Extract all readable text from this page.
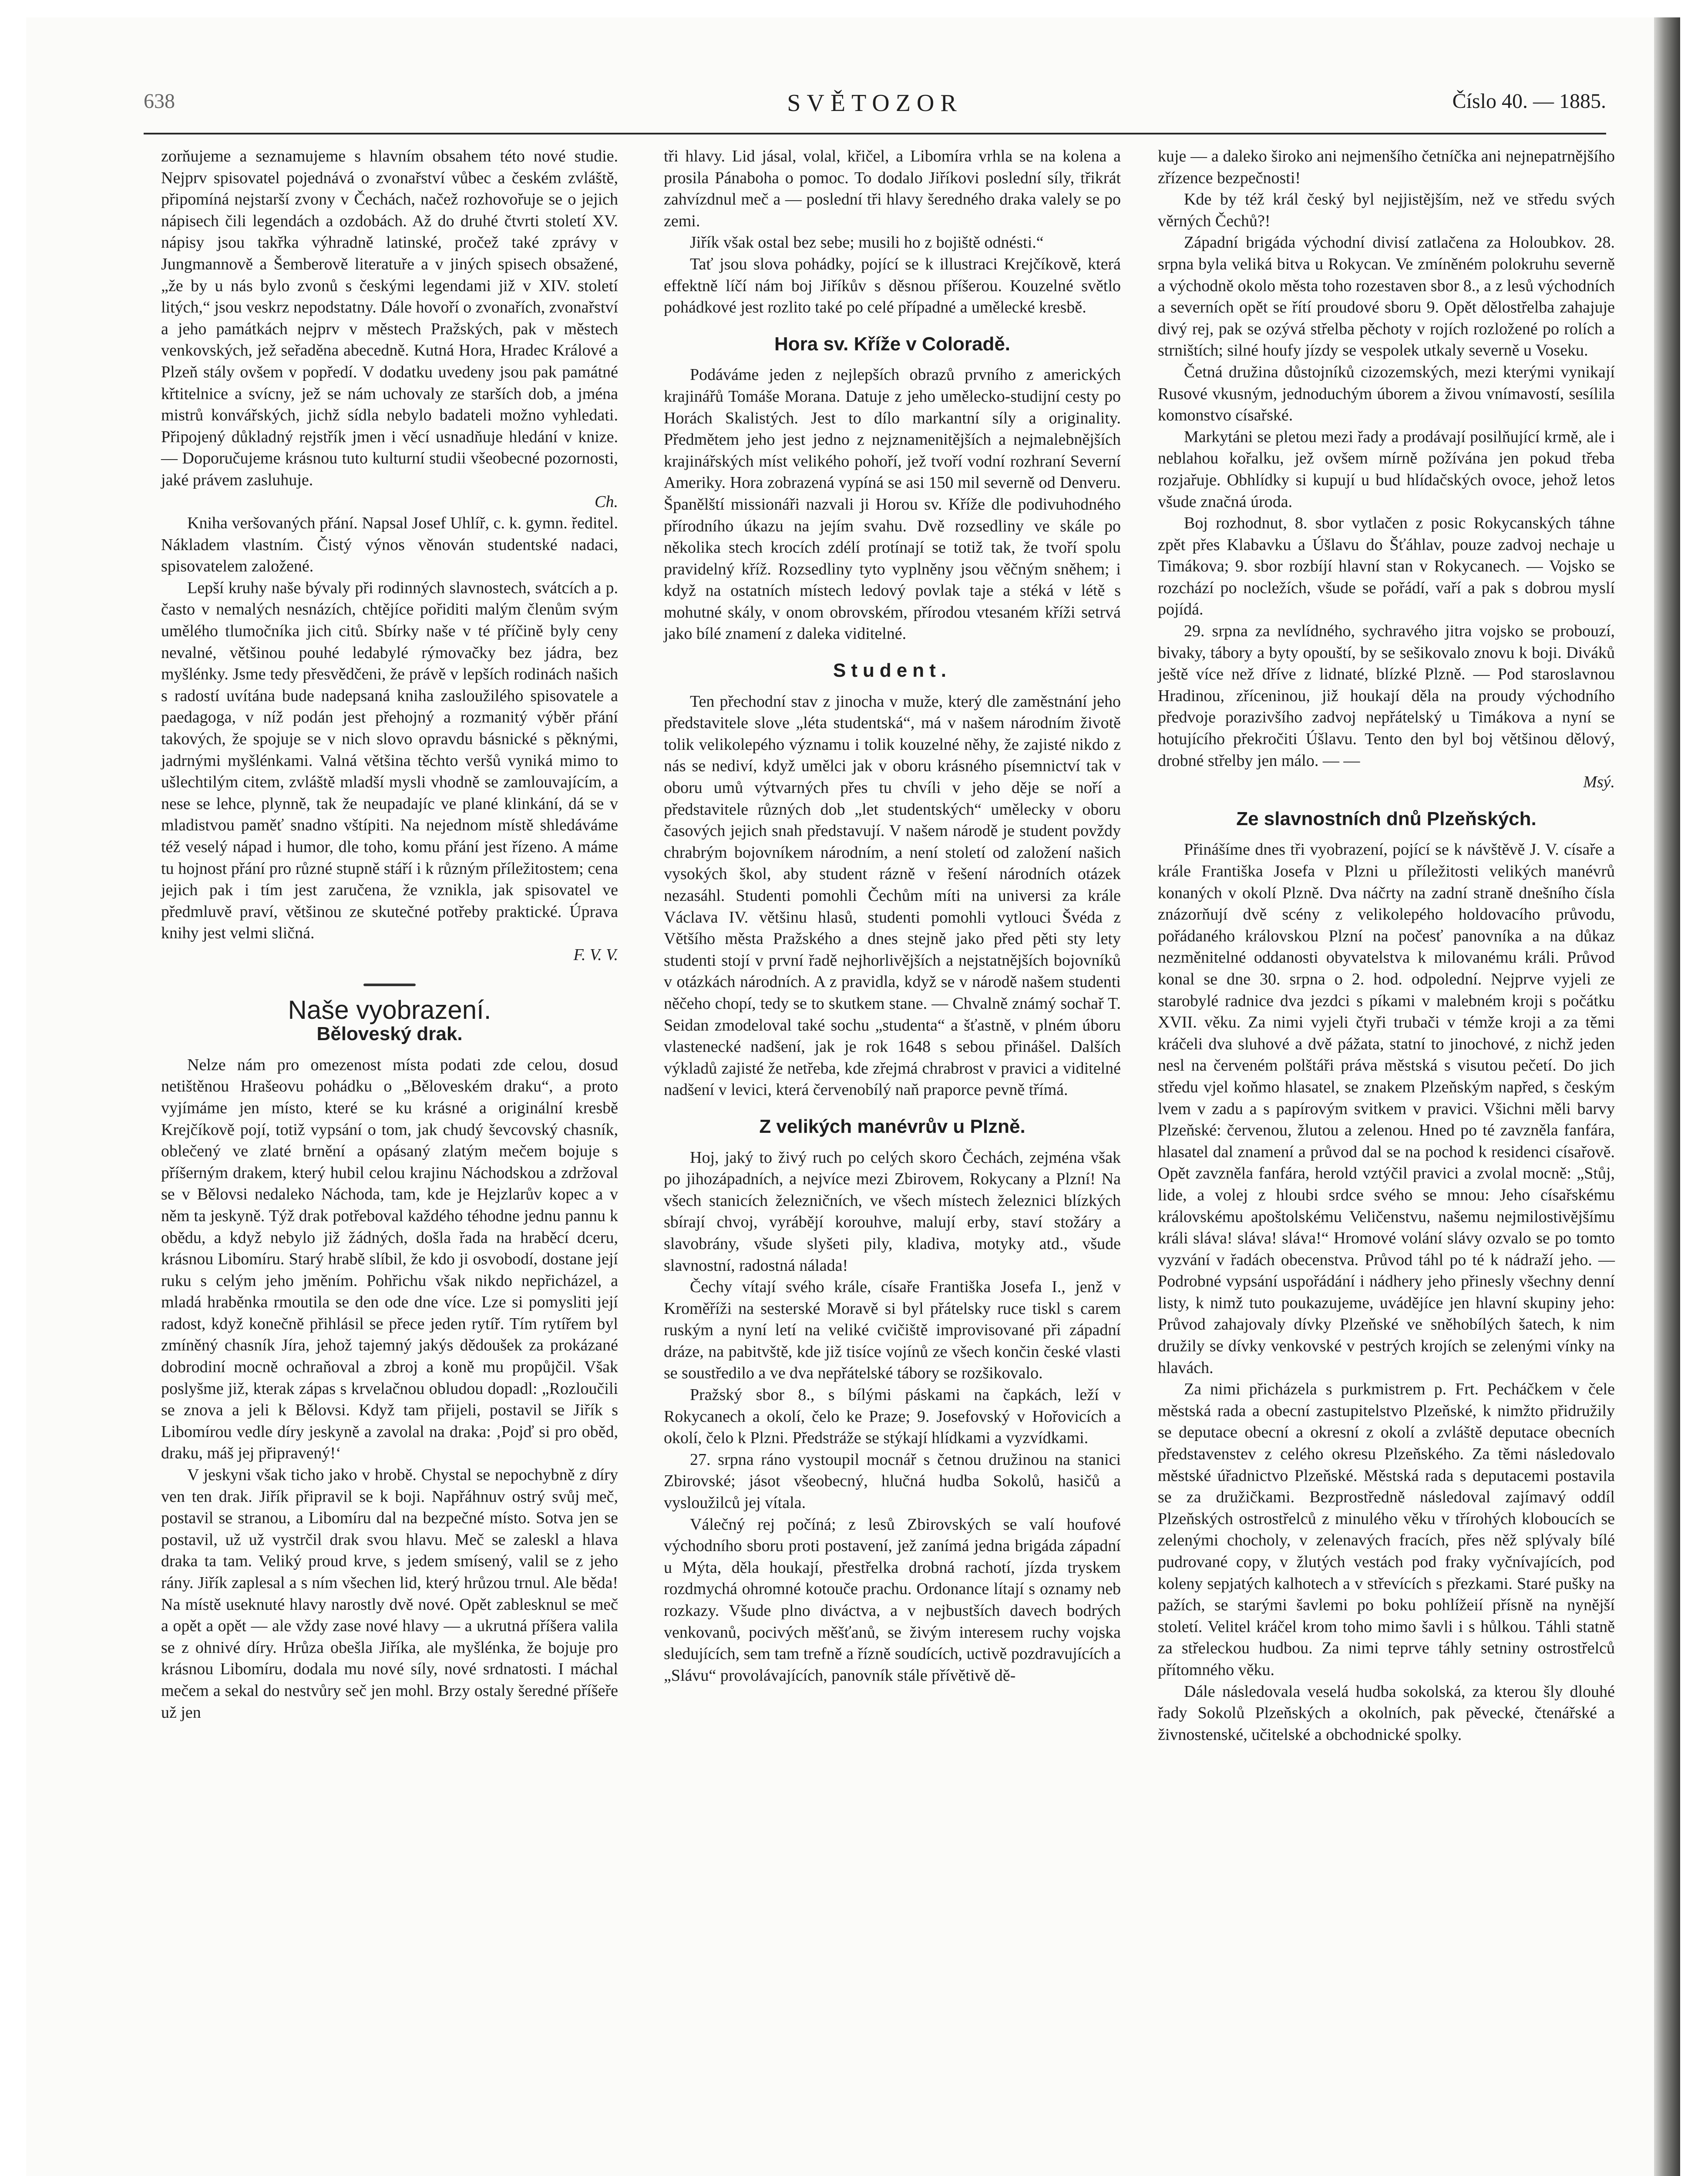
638	SVĚTOZOR	Číslo 40. — 1885.

zorňujeme a seznamujeme s hlavním obsahem této nové studie. Nejprv spisovatel pojednává o zvonařství vůbec a českém zvláště, připomíná nejstarší zvony v Čechách, načež rozhovořuje se o jejich nápisech čili legendách a ozdobách. Až do druhé čtvrti století XV. nápisy jsou takřka výhradně latinské, pročež také zprávy v Jungmannově a Šemberově literatuře a v jiných spisech obsažené, „že by u nás bylo zvonů s českými legendami již v XIV. století litých,“ jsou veskrz nepodstatny. Dále hovoří o zvonařích, zvonařství a jeho památkách nejprv v městech Pražských, pak v městech venkovských, jež seřaděna abecedně. Kutná Hora, Hradec Králové a Plzeň stály ovšem v popředí. V dodatku uvedeny jsou pak památné křtitelnice a svícny, jež se nám uchovaly ze starších dob, a jména mistrů konvářských, jichž sídla nebylo badateli možno vyhledati. Připojený důkladný rejstřík jmen i věcí usnadňuje hledání v knize. — Doporučujeme krásnou tuto kulturní studii všeobecné pozornosti, jaké právem zasluhuje.

Ch.

Kniha veršovaných přání. Napsal Josef Uhlíř, c. k. gymn. ředitel. Nákladem vlastním. Čistý výnos věnován studentské nadaci, spisovatelem založené.

Lepší kruhy naše bývaly při rodinných slavnostech, svátcích a p. často v nemalých nesnázích, chtějíce pořiditi malým členům svým umělého tlumočníka jich citů. Sbírky naše v té příčině byly ceny nevalné, většinou pouhé ledabylé rýmovačky bez jádra, bez myšlénky. Jsme tedy přesvědčeni, že právě v lepších rodinách našich s radostí uvítána bude nadepsaná kniha zasloužilého spisovatele a paedagoga, v níž podán jest přehojný a rozmanitý výběr přání takových, že spojuje se v nich slovo opravdu básnické s pěknými, jadrnými myšlénkami. Valná většina těchto veršů vyniká mimo to ušlechtilým citem, zvláště mladší mysli vhodně se zamlouvajícím, a nese se lehce, plynně, tak že neupadajíc ve plané klinkání, dá se v mladistvou paměť snadno vštípiti. Na nejednom místě shledáváme též veselý nápad i humor, dle toho, komu přání jest řízeno. A máme tu hojnost přání pro různé stupně stáří i k různým příležitostem; cena jejich pak i tím jest zaručena, že vznikla, jak spisovatel ve předmluvě praví, většinou ze skutečné potřeby praktické. Úprava knihy jest velmi sličná.

F. V. V.
Naše vyobrazení.
Běloveský drak.

Nelze nám pro omezenost místa podati zde celou, dosud netištěnou Hrašeovu pohádku o „Běloveském draku“, a proto vyjímáme jen místo, které se ku krásné a originální kresbě Krejčíkově pojí, totiž vypsání o tom, jak chudý ševcovský chasník, oblečený ve zlaté brnění a opásaný zlatým mečem bojuje s příšerným drakem, který hubil celou krajinu Náchodskou a zdržoval se v Bělovsi nedaleko Náchoda, tam, kde je Hejzlarův kopec a v něm ta jeskyně. Týž drak potřeboval každého téhodne jednu pannu k obědu, a když nebylo již žádných, došla řada na hraběcí dceru, krásnou Libomíru. Starý hrabě slíbil, že kdo ji osvobodí, dostane její ruku s celým jeho jměním. Pohřichu však nikdo nepřicházel, a mladá hraběnka rmoutila se den ode dne více. Lze si pomysliti její radost, když konečně přihlásil se přece jeden rytíř. Tím rytířem byl zmíněný chasník Jíra, jehož tajemný jakýs dědoušek za prokázané dobrodiní mocně ochraňoval a zbroj a koně mu propůjčil. Však poslyšme již, kterak zápas s krvelačnou obludou dopadl: „Rozloučili se znova a jeli k Bělovsi. Když tam přijeli, postavil se Jiřík s Libomírou vedle díry jeskyně a zavolal na draka: ‚Pojď si pro oběd, draku, máš jej připravený!‘

V jeskyni však ticho jako v hrobě. Chystal se nepochybně z díry ven ten drak. Jiřík připravil se k boji. Napřáhnuv ostrý svůj meč, postavil se stranou, a Libomíru dal na bezpečné místo. Sotva jen se postavil, už už vystrčil drak svou hlavu. Meč se zaleskl a hlava draka ta tam. Veliký proud krve, s jedem smísený, valil se z jeho rány. Jiřík zaplesal a s ním všechen lid, který hrůzou trnul. Ale běda! Na místě useknuté hlavy narostly dvě nové. Opět zablesknul se meč a opět a opět — ale vždy zase nové hlavy — a ukrutná příšera valila se z ohnivé díry. Hrůza obešla Jiříka, ale myšlénka, že bojuje pro krásnou Libomíru, dodala mu nové síly, nové srdnatosti. I máchal mečem a sekal do nestvůry seč jen mohl. Brzy ostaly šeredné příšeře už jen

tři hlavy. Lid jásal, volal, křičel, a Libomíra vrhla se na kolena a prosila Pánaboha o pomoc. To dodalo Jiříkovi poslední síly, třikrát zahvízdnul meč a — poslední tři hlavy šeredného draka valely se po zemi.

Jiřík však ostal bez sebe; musili ho z bojiště odnésti.“

Tať jsou slova pohádky, pojící se k illustraci Krejčíkově, která effektně líčí nám boj Jiříkův s děsnou příšerou. Kouzelné světlo pohádkové jest rozlito také po celé případné a umělecké kresbě.

Hora sv. Kříže v Coloradě.

Podáváme jeden z nejlepších obrazů prvního z amerických krajinářů Tomáše Morana. Datuje z jeho umělecko-studijní cesty po Horách Skalistých. Jest to dílo markantní síly a originality. Předmětem jeho jest jedno z nejznamenitějších a nejmalebnějších krajinářských míst velikého pohoří, jež tvoří vodní rozhraní Severní Ameriky. Hora zobrazená vypíná se asi 150 mil severně od Denveru. Španělští missionáři nazvali ji Horou sv. Kříže dle podivuhodného přírodního úkazu na jejím svahu. Dvě rozsedliny ve skále po několika stech krocích zdélí protínají se totiž tak, že tvoří spolu pravidelný kříž. Rozsedliny tyto vyplněny jsou věčným sněhem; i když na ostatních místech ledový povlak taje a stéká v létě s mohutné skály, v onom obrovském, přírodou vtesaném kříži setrvá jako bílé znamení z daleka viditelné.

Student.

Ten přechodní stav z jinocha v muže, který dle zaměstnání jeho představitele slove „léta studentská“, má v našem národním životě tolik velikolepého významu i tolik kouzelné něhy, že zajisté nikdo z nás se nediví, když umělci jak v oboru krásného písemnictví tak v oboru umů výtvarných přes tu chvíli v jeho děje se noří a představitele různých dob „let studentských“ umělecky v oboru časových jejich snah představují. V našem národě je student povždy chrabrým bojovníkem národním, a není století od založení našich vysokých škol, aby student rázně v řešení národních otázek nezasáhl. Studenti pomohli Čechům míti na universi za krále Václava IV. většinu hlasů, studenti pomohli vytlouci Švéda z Většího města Pražského a dnes stejně jako před pěti sty lety studenti stojí v první řadě nejhorlivějších a nejstatnějších bojovníků v otázkách národních. A z pravidla, když se v národě našem studenti něčeho chopí, tedy se to skutkem stane. — Chvalně známý sochař T. Seidan zmodeloval také sochu „studenta“ a šťastně, v plném úboru vlastenecké nadšení, jak je rok 1648 s sebou přinášel. Dalších výkladů zajisté že netřeba, kde zřejmá chrabrost v pravici a viditelné nadšení v levici, která červenobílý naň praporce pevně třímá.

Z velikých manévrův u Plzně.

Hoj, jaký to živý ruch po celých skoro Čechách, zejména však po jihozápadních, a nejvíce mezi Zbirovem, Rokycany a Plzní! Na všech stanicích železničních, ve všech místech železnici blízkých sbírají chvoj, vyrábějí korouhve, malují erby, staví stožáry a slavobrány, všude slyšeti pily, kladiva, motyky atd., všude slavnostní, radostná nálada!

Čechy vítají svého krále, císaře Františka Josefa I., jenž v Kroměříži na sesterské Moravě si byl přátelsky ruce tiskl s carem ruským a nyní letí na veliké cvičiště improvisované při západní dráze, na pabitvště, kde již tisíce vojínů ze všech končin české vlasti se soustředilo a ve dva nepřátelské tábory se rozšikovalo.

Pražský sbor 8., s bílými páskami na čapkách, leží v Rokycanech a okolí, čelo ke Praze; 9. Josefovský v Hořovicích a okolí, čelo k Plzni. Předstráže se stýkají hlídkami a vyzvídkami.

27. srpna ráno vystoupil mocnář s četnou družinou na stanici Zbirovské; jásot všeobecný, hlučná hudba Sokolů, hasičů a vysloužilců jej vítala.

Válečný rej počíná; z lesů Zbirovských se valí houfové východního sboru proti postavení, jež zanímá jedna brigáda západní u Mýta, děla houkají, přestřelka drobná rachotí, jízda tryskem rozdmychá ohromné kotouče prachu. Ordonance lítají s oznamy neb rozkazy. Všude plno diváctva, a v nejbustších davech bodrých venkovanů, pocivých měšťanů, se živým interesem ruchy vojska sledujících, sem tam trefně a řízně soudících, uctivě pozdravujících a „Slávu“ provolávajících, panovník stále přívětivě dě-

kuje — a daleko široko ani nejmenšího četníčka ani nejnepatrnějšího zřízence bezpečnosti!

Kde by též král český byl nejjistějším, než ve středu svých věrných Čechů?!

Západní brigáda východní divisí zatlačena za Holoubkov. 28. srpna byla veliká bitva u Rokycan. Ve zmíněném polokruhu severně a východně okolo města toho rozestaven sbor 8., a z lesů východních a severních opět se řítí proudové sboru 9. Opět dělostřelba zahajuje divý rej, pak se ozývá střelba pěchoty v rojích rozložené po rolích a strništích; silné houfy jízdy se vespolek utkaly severně u Voseku.

Četná družina důstojníků cizozemských, mezi kterými vynikají Rusové vkusným, jednoduchým úborem a živou vnímavostí, sesílila komonstvo císařské.

Markytáni se pletou mezi řady a prodávají posilňující krmě, ale i neblahou kořalku, jež ovšem mírně požívána jen pokud třeba rozjařuje. Obhlídky si kupují u bud hlídačských ovoce, jehož letos všude značná úroda.

Boj rozhodnut, 8. sbor vytlačen z posic Rokycanských táhne zpět přes Klabavku a Úšlavu do Šťáhlav, pouze zadvoj nechaje u Timákova; 9. sbor rozbíjí hlavní stan v Rokycanech. — Vojsko se rozchází po nocležích, všude se pořádí, vaří a pak s dobrou myslí pojídá.

29. srpna za nevlídného, sychravého jitra vojsko se probouzí, bivaky, tábory a byty opouští, by se sešikovalo znovu k boji. Diváků ještě více než dříve z lidnaté, blízké Plzně. — Pod staroslavnou Hradinou, zříceninou, již houkají děla na proudy východního předvoje porazivšího zadvoj nepřátelský u Timákova a nyní se hotujícího překročiti Úšlavu. Tento den byl boj většinou dělový, drobné střelby jen málo. — —

Msý.
Ze slavnostních dnů Plzeňských.

Přinášíme dnes tři vyobrazení, pojící se k návštěvě J. V. císaře a krále Františka Josefa v Plzni u příležitosti velikých manévrů konaných v okolí Plzně. Dva náčrty na zadní straně dnešního čísla znázorňují dvě scény z velikolepého holdovacího průvodu, pořádaného královskou Plzní na počesť panovníka a na důkaz nezměnitelné oddanosti obyvatelstva k milovanému králi. Průvod konal se dne 30. srpna o 2. hod. odpolední. Nejprve vyjeli ze starobylé radnice dva jezdci s píkami v malebném kroji s počátku XVII. věku. Za nimi vyjeli čtyři trubači v témže kroji a za těmi kráčeli dva sluhové a dvě pážata, statní to jinochové, z nichž jeden nesl na červeném polštáři práva městská s visutou pečetí. Do jich středu vjel koňmo hlasatel, se znakem Plzeňským napřed, s českým lvem v zadu a s papírovým svitkem v pravici. Všichni měli barvy Plzeňské: červenou, žlutou a zelenou. Hned po té zavzněla fanfára, hlasatel dal znamení a průvod dal se na pochod k residenci císařově. Opět zavzněla fanfára, herold vztýčil pravici a zvolal mocně: „Stůj, lide, a volej z hloubi srdce svého se mnou: Jeho císařskému královskému apoštolskému Veličenstvu, našemu nejmilostivějšímu králi sláva! sláva! sláva!“ Hromové volání slávy ozvalo se po tomto vyzvání v řadách obecenstva. Průvod táhl po té k nádraží jeho. — Podrobné vypsání uspořádání i nádhery jeho přinesly všechny denní listy, k nimž tuto poukazujeme, uvádějíce jen hlavní skupiny jeho: Průvod zahajovaly dívky Plzeňské ve sněhobílých šatech, k nim družily se dívky venkovské v pestrých krojích se zelenými vínky na hlavách.

Za nimi přicházela s purkmistrem p. Frt. Pecháčkem v čele městská rada a obecní zastupitelstvo Plzeňské, k nimžto přidružily se deputace obecní a okresní z okolí a zvláště deputace obecních představenstev z celého okresu Plzeňského. Za těmi následovalo městské úřadnictvo Plzeňské. Městská rada s deputacemi postavila se za družičkami. Bezprostředně následoval zajímavý oddíl Plzeňských ostrostřelců z minulého věku v třírohých kloboucích se zelenými chocholy, v zelenavých fracích, přes něž splývaly bílé pudrované copy, v žlutých vestách pod fraky vyčnívajících, pod koleny sepjatých kalhotech a v střevících s přezkami. Staré pušky na pažích, se starými šavlemi po boku pohlížeií přísně na nynější století. Velitel kráčel krom toho mimo šavli i s hůlkou. Táhli statně za střeleckou hudbou. Za nimi teprve táhly setniny ostrostřelců přítomného věku.

Dále následovala veselá hudba sokolská, za kterou šly dlouhé řady Sokolů Plzeňských a okolních, pak pěvecké, čtenářské a živnostenské, učitelské a obchodnické spolky.
